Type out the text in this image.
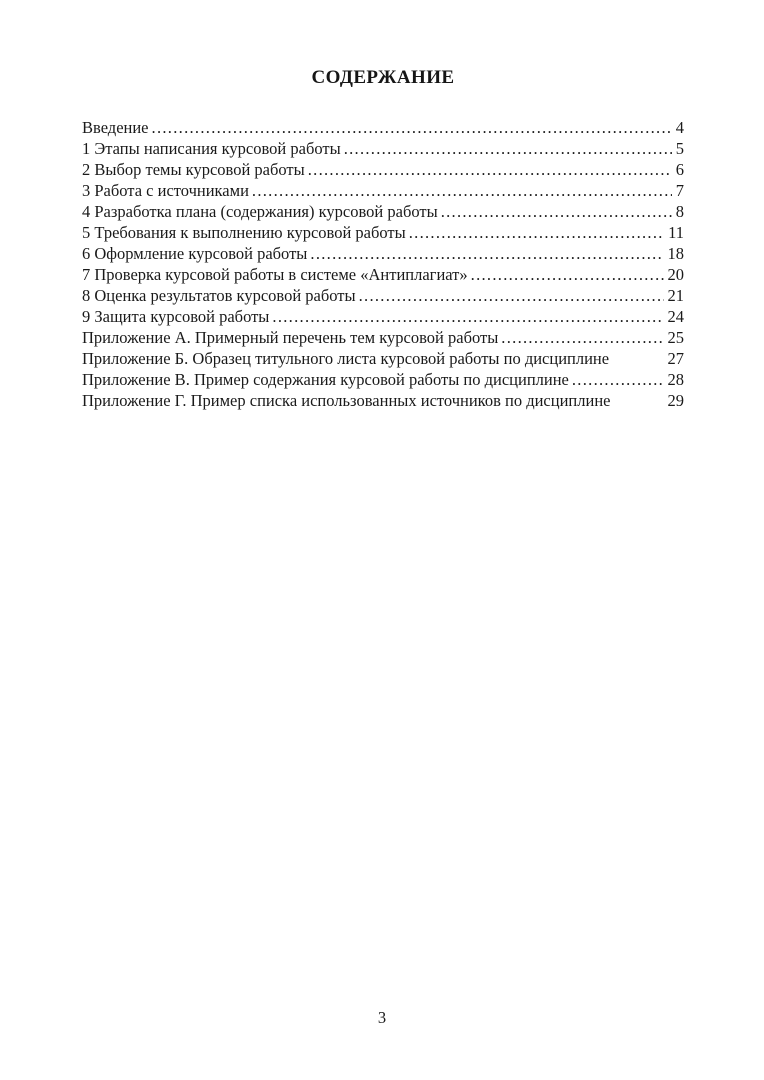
СОДЕРЖАНИЕ
Введение .....	4
1 Этапы написания курсовой работы .....	5
2 Выбор темы курсовой работы .....	6
3 Работа с источниками .....	7
4 Разработка плана (содержания) курсовой работы .....	8
5 Требования к выполнению курсовой работы .....	11
6 Оформление курсовой работы .....	18
7 Проверка курсовой работы в системе «Антиплагиат» .....	20
8 Оценка результатов курсовой работы .....	21
9 Защита курсовой работы .....	24
Приложение А. Примерный перечень тем курсовой работы .....	25
Приложение Б. Образец титульного листа курсовой работы по дисциплине	27
Приложение В. Пример содержания курсовой работы по дисциплине .....	28
Приложение Г. Пример списка использованных источников по дисциплине	29
3
